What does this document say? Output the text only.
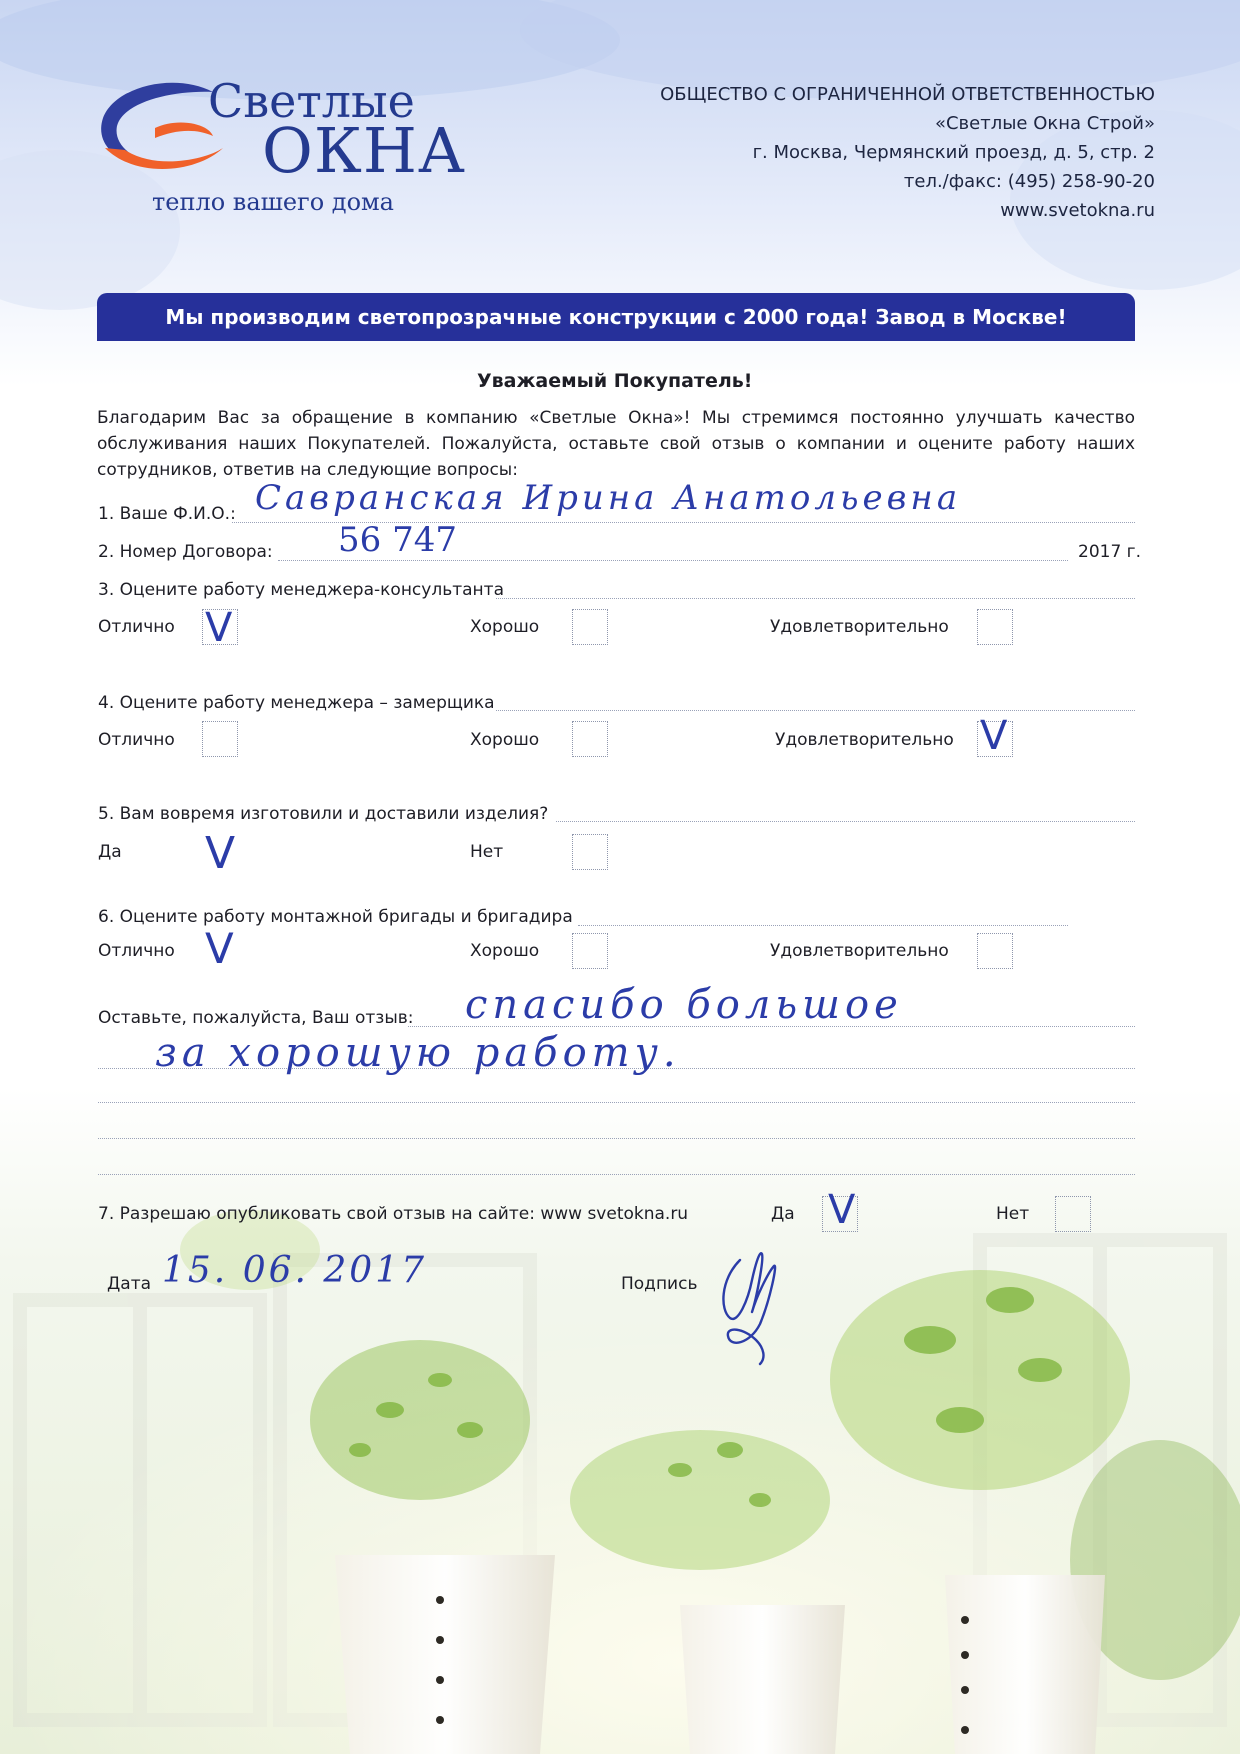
Светлые
ОКНА
тепло вашего дома
ОБЩЕСТВО С ОГРАНИЧЕННОЙ ОТВЕТСТВЕННОСТЬЮ
«Светлые Окна Строй»
г. Москва, Чермянский проезд, д. 5, стр. 2
тел./факс: (495) 258-90-20
www.svetokna.ru
Мы производим светопрозрачные конструкции с 2000 года! Завод в Москве!
Уважаемый Покупатель!
Благодарим Вас за обращение в компанию «Светлые Окна»! Мы стремимся постоянно улучшать качество обслуживания наших Покупателей. Пожалуйста, оставьте свой отзыв о компании и оцените работу наших сотрудников, ответив на следующие вопросы:
1. Ваше Ф.И.О.: Савранская Ирина Анатольевна
2. Номер Договора: 56 747	2017 г.
3. Оцените работу менеджера-консультанта
Отлично V	Хорошо	Удовлетворительно
4. Оцените работу менеджера – замерщика
Отлично	Хорошо	Удовлетворительно V
5. Вам вовремя изготовили и доставили изделия?
Да V	Нет
6. Оцените работу монтажной бригады и бригадира
Отлично V	Хорошо	Удовлетворительно
Оставьте, пожалуйста, Ваш отзыв: спасибо большое
за хорошую работу.
7. Разрешаю опубликовать свой отзыв на сайте: www svetokna.ru	Да V	Нет
Дата 15. 06. 2017	Подпись
